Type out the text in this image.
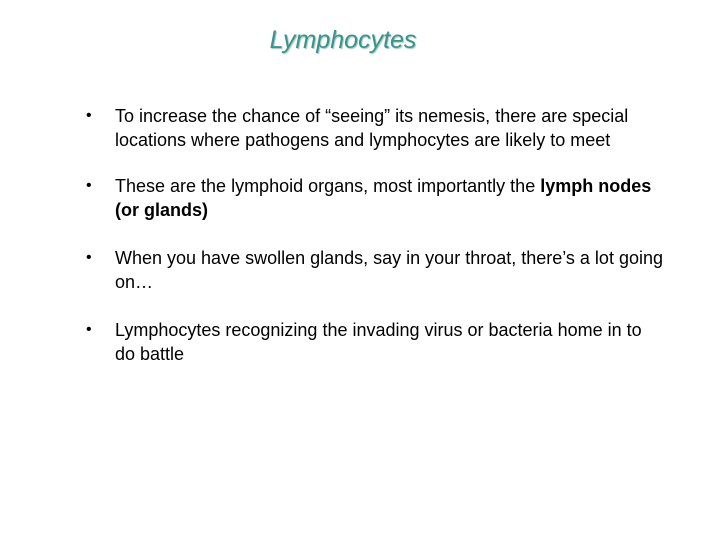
Lymphocytes
•	To increase the chance of “seeing” its nemesis, there are special locations where pathogens and lymphocytes are likely to meet
•	These are the lymphoid organs, most importantly the lymph nodes (or glands)
•	When you have swollen glands, say in your throat, there’s a lot going on…
•	Lymphocytes recognizing the invading virus or bacteria home in to do battle
